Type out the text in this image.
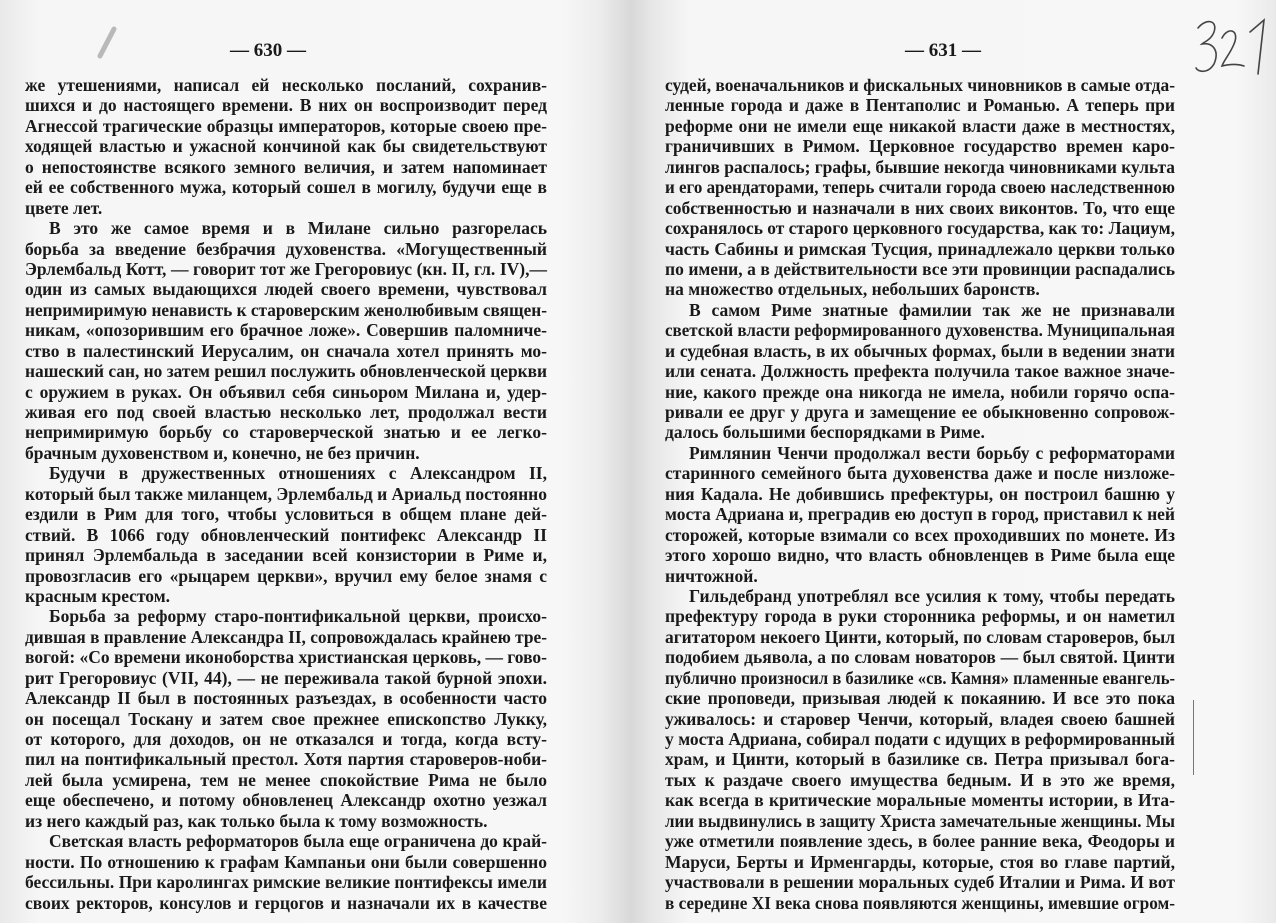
— 630 —
же утешениями, написал ей несколько посланий, сохранив-
шихся и до настоящего времени. В них он воспроизводит перед
Агнессой трагические образцы императоров, которые своею пре-
ходящей властью и ужасной кончиной как бы свидетельствуют
о непостоянстве всякого земного величия, и затем напоминает
ей ее собственного мужа, который сошел в могилу, будучи еще в
цвете лет.
В это же самое время и в Милане сильно разгорелась
борьба за введение безбрачия духовенства. «Могущественный
Эрлембальд Котт, — говорит тот же Грегоровиус (кн. II, гл. IV),—
один из самых выдающихся людей своего времени, чувствовал
непримиримую ненависть к староверским женолюбивым священ-
никам, «опозорившим его брачное ложе». Совершив паломниче-
ство в палестинский Иерусалим, он сначала хотел принять мо-
нашеский сан, но затем решил послужить обновленческой церкви
с оружием в руках. Он объявил себя синьором Милана и, удер-
живая его под своей властью несколько лет, продолжал вести
непримиримую борьбу со староверческой знатью и ее легко-
брачным духовенством и, конечно, не без причин.
Будучи в дружественных отношениях с Александром II,
который был также миланцем, Эрлембальд и Ариальд постоянно
ездили в Рим для того, чтобы условиться в общем плане дей-
ствий. В 1066 году обновленческий понтифекс Александр II
принял Эрлембальда в заседании всей конзистории в Риме и,
провозгласив его «рыцарем церкви», вручил ему белое знамя с
красным крестом.
Борьба за реформу старо-понтификальной церкви, происхо-
дившая в правление Александра II, сопровождалась крайнею тре-
вогой: «Со времени иконоборства христианская церковь, — гово-
рит Грегоровиус (VII, 44), — не переживала такой бурной эпохи.
Александр II был в постоянных разъездах, в особенности часто
он посещал Тоскану и затем свое прежнее епископство Лукку,
от которого, для доходов, он не отказался и тогда, когда всту-
пил на понтификальный престол. Хотя партия староверов-ноби-
лей была усмирена, тем не менее спокойствие Рима не было
еще обеспечено, и потому обновленец Александр охотно уезжал
из него каждый раз, как только была к тому возможность.
Светская власть реформаторов была еще ограничена до край-
ности. По отношению к графам Кампаньи они были совершенно
бессильны. При каролингах римские великие понтифексы имели
своих ректоров, консулов и герцогов и назначали их в качестве
— 631 —
судей, военачальников и фискальных чиновников в самые отда-
ленные города и даже в Пентаполис и Романью. А теперь при
реформе они не имели еще никакой власти даже в местностях,
граничивших в Римом. Церковное государство времен каро-
лингов распалось; графы, бывшие некогда чиновниками культа
и его арендаторами, теперь считали города своею наследственною
собственностью и назначали в них своих виконтов. То, что еще
сохранялось от старого церковного государства, как то: Лациум,
часть Сабины и римская Тусция, принадлежало церкви только
по имени, а в действительности все эти провинции распадались
на множество отдельных, небольших баронств.
В самом Риме знатные фамилии так же не признавали
светской власти реформированного духовенства. Муниципальная
и судебная власть, в их обычных формах, были в ведении знати
или сената. Должность префекта получила такое важное значе-
ние, какого прежде она никогда не имела, нобили горячо оспа-
ривали ее друг у друга и замещение ее обыкновенно сопровож-
далось большими беспорядками в Риме.
Римлянин Ченчи продолжал вести борьбу с реформаторами
старинного семейного быта духовенства даже и после низложе-
ния Кадала. Не добившись префектуры, он построил башню у
моста Адриана и, преградив ею доступ в город, приставил к ней
сторожей, которые взимали со всех проходивших по монете. Из
этого хорошо видно, что власть обновленцев в Риме была еще
ничтожной.
Гильдебранд употреблял все усилия к тому, чтобы передать
префектуру города в руки сторонника реформы, и он наметил
агитатором некоего Цинти, который, по словам староверов, был
подобием дьявола, а по словам новаторов — был святой. Цинти
публично произносил в базилике «св. Камня» пламенные евангель-
ские проповеди, призывая людей к покаянию. И все это пока
уживалось: и старовер Ченчи, который, владея своею башней
у моста Адриана, собирал подати с идущих в реформированный
храм, и Цинти, который в базилике св. Петра призывал бога-
тых к раздаче своего имущества бедным. И в это же время,
как всегда в критические моральные моменты истории, в Ита-
лии выдвинулись в защиту Христа замечательные женщины. Мы
уже отметили появление здесь, в более ранние века, Феодоры и
Маруси, Берты и Ирменгарды, которые, стоя во главе партий,
участвовали в решении моральных судеб Италии и Рима. И вот
в середине XI века снова появляются женщины, имевшие огром-
